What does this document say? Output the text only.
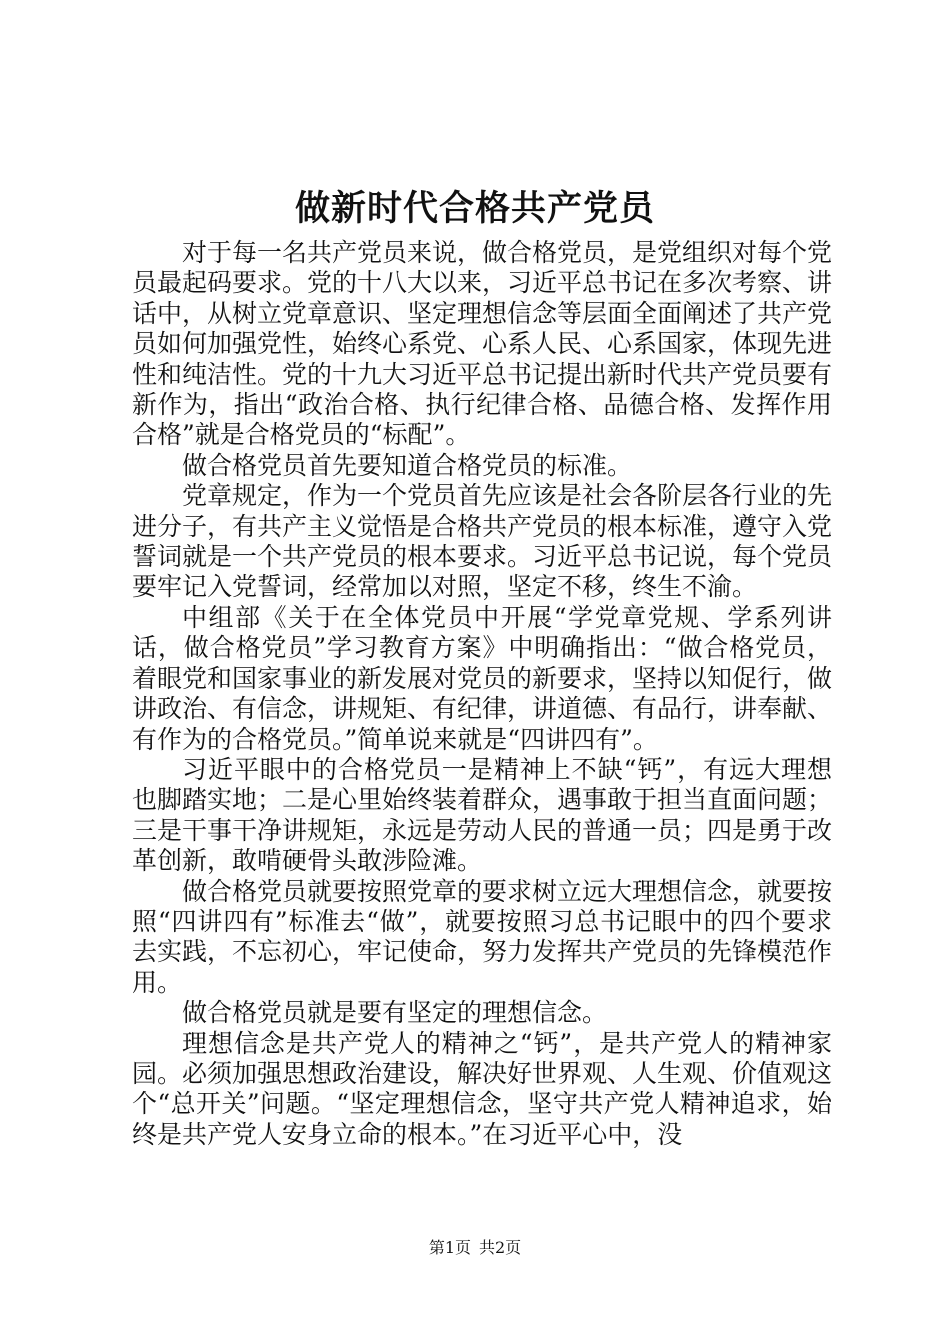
做新时代合格共产党员

对于每一名共产党员来说，做合格党员，是党组织对每个党员最起码要求。党的十八大以来，习近平总书记在多次考察、讲话中，从树立党章意识、坚定理想信念等层面全面阐述了共产党员如何加强党性，始终心系党、心系人民、心系国家，体现先进性和纯洁性。党的十九大习近平总书记提出新时代共产党员要有新作为，指出“政治合格、执行纪律合格、品德合格、发挥作用合格”就是合格党员的“标配”。

做合格党员首先要知道合格党员的标准。

党章规定，作为一个党员首先应该是社会各阶层各行业的先进分子，有共产主义觉悟是合格共产党员的根本标准，遵守入党誓词就是一个共产党员的根本要求。习近平总书记说，每个党员要牢记入党誓词，经常加以对照，坚定不移，终生不渝。

中组部《关于在全体党员中开展“学党章党规、学系列讲话，做合格党员”学习教育方案》中明确指出：“做合格党员，着眼党和国家事业的新发展对党员的新要求，坚持以知促行，做讲政治、有信念，讲规矩、有纪律，讲道德、有品行，讲奉献、有作为的合格党员。”简单说来就是“四讲四有”。

习近平眼中的合格党员一是精神上不缺“钙”，有远大理想也脚踏实地；二是心里始终装着群众，遇事敢于担当直面问题；三是干事干净讲规矩，永远是劳动人民的普通一员；四是勇于改革创新，敢啃硬骨头敢涉险滩。

做合格党员就要按照党章的要求树立远大理想信念，就要按照“四讲四有”标准去“做”，就要按照习总书记眼中的四个要求去实践，不忘初心，牢记使命，努力发挥共产党员的先锋模范作用。

做合格党员就是要有坚定的理想信念。

理想信念是共产党人的精神之“钙”，是共产党人的精神家园。必须加强思想政治建设，解决好世界观、人生观、价值观这个“总开关”问题。“坚定理想信念，坚守共产党人精神追求，始终是共产党人安身立命的根本。”在习近平心中，没

第1页 共2页
